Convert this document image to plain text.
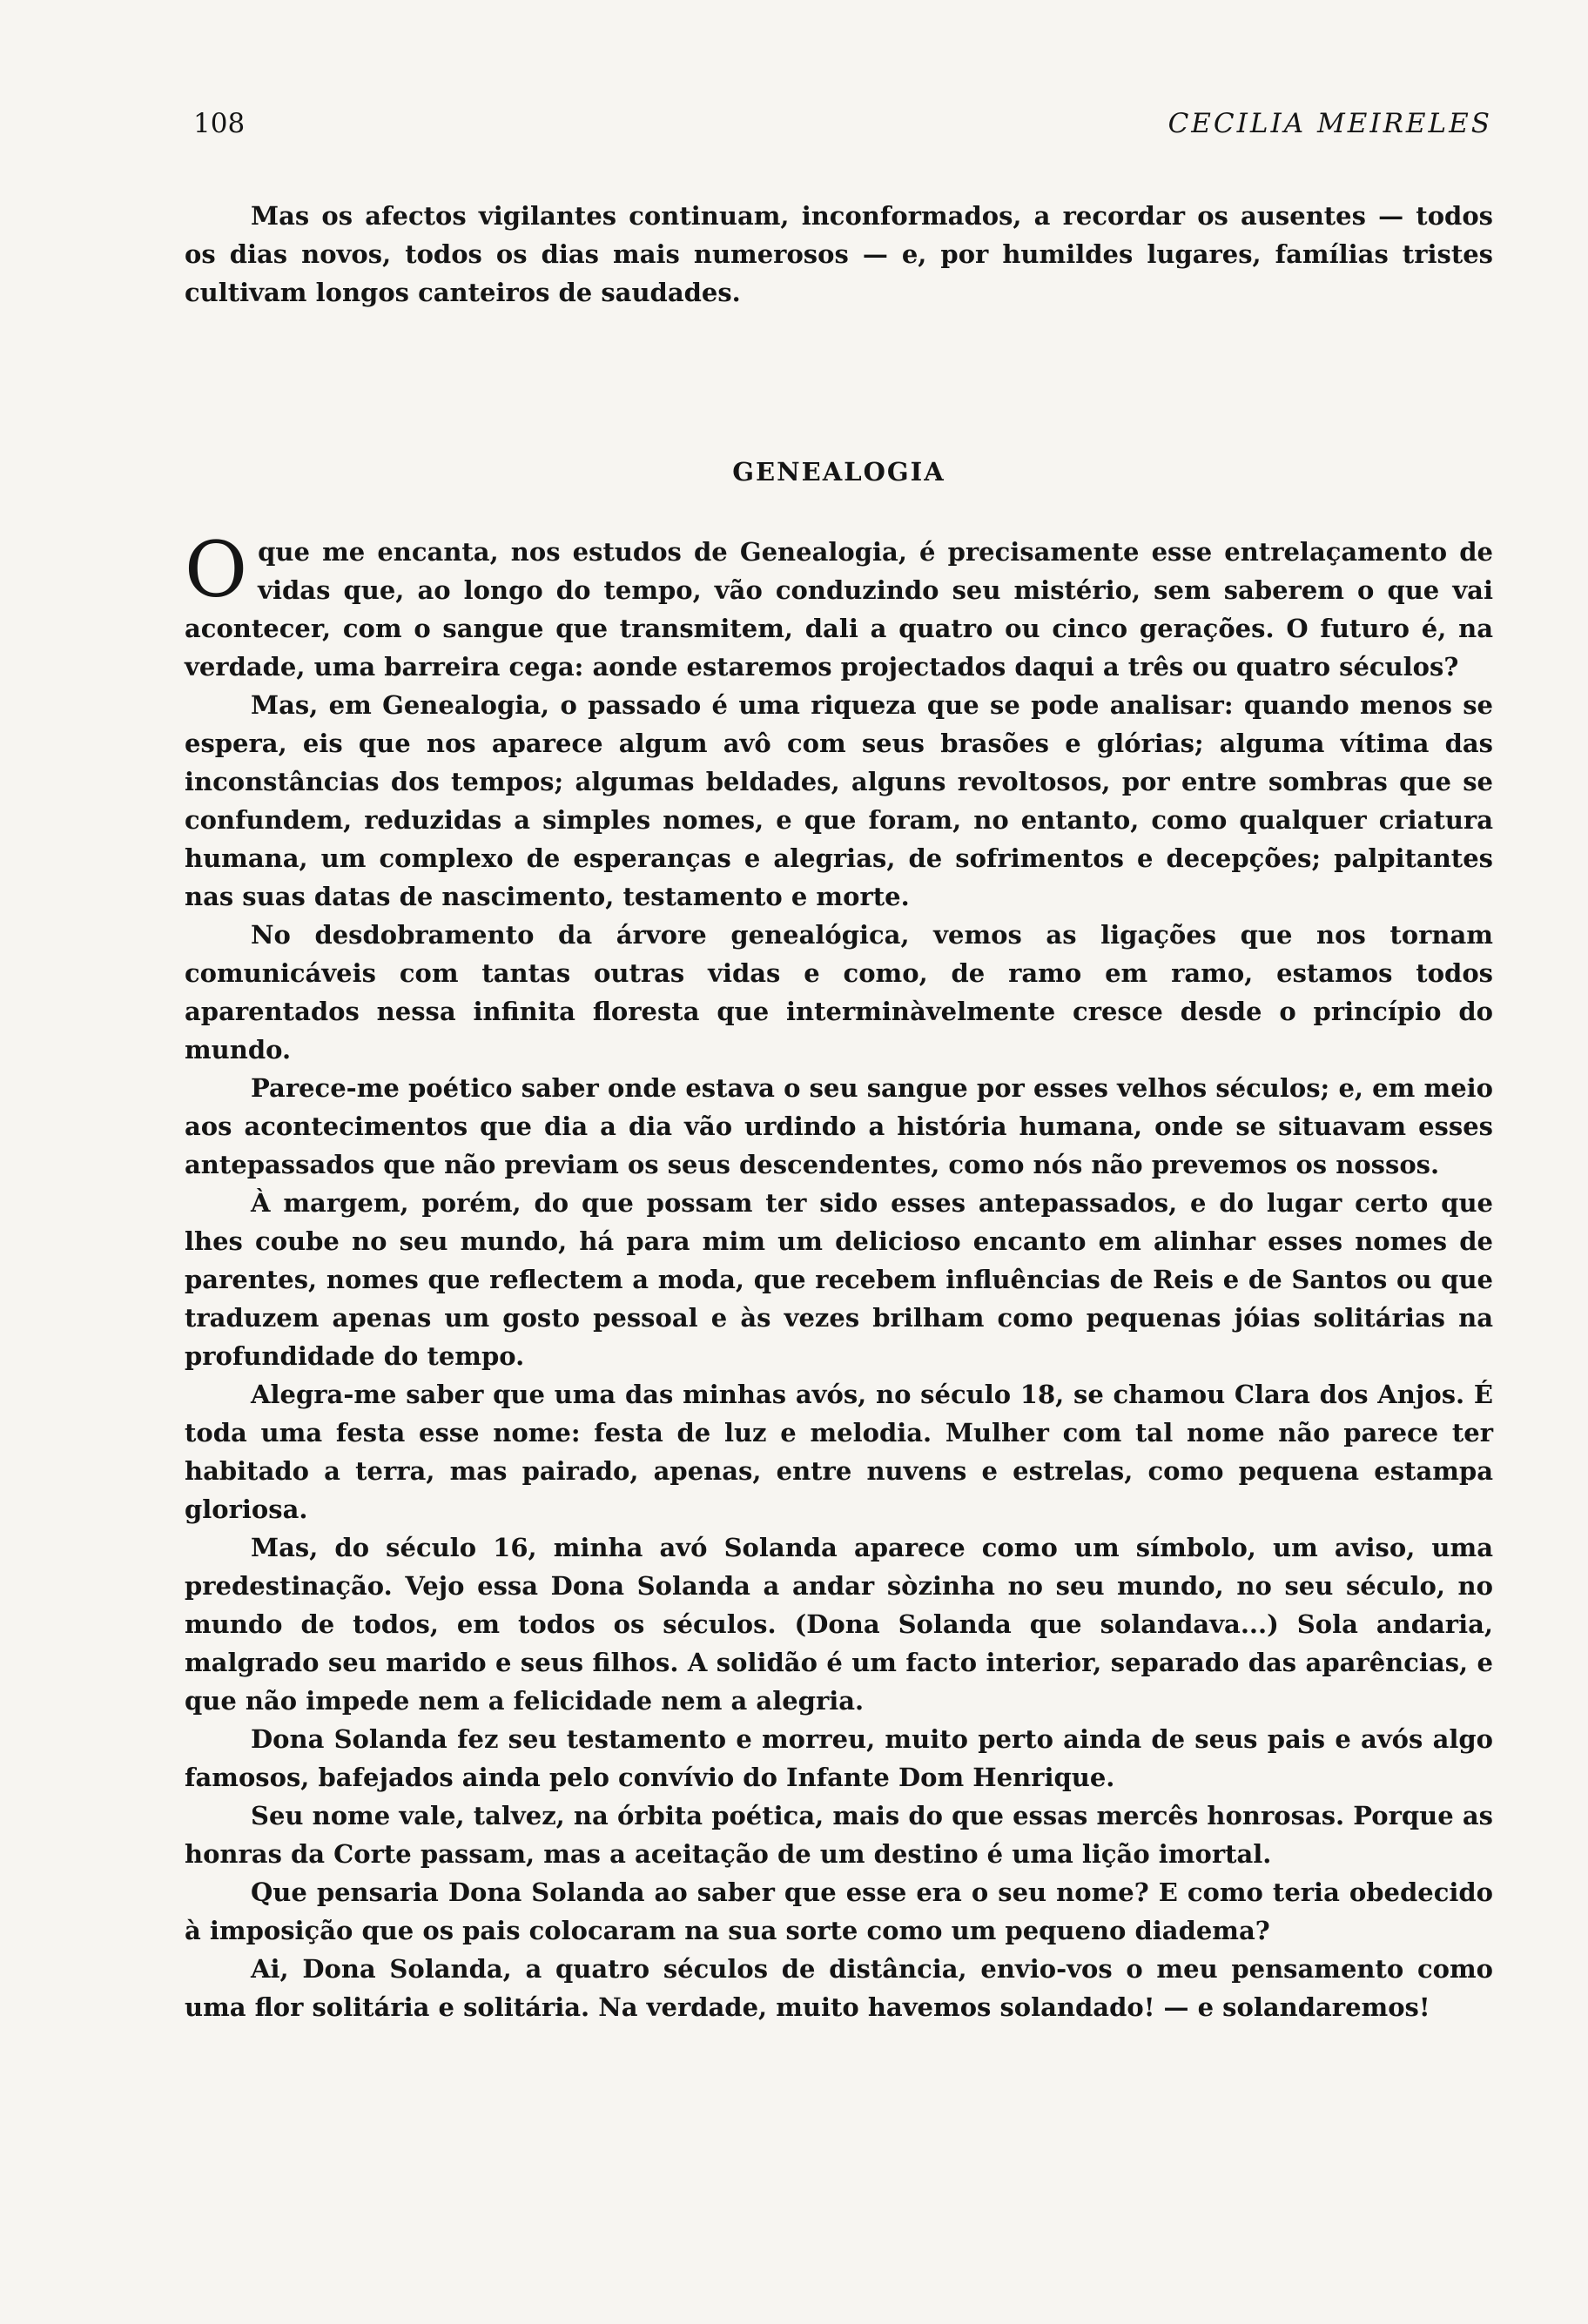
108	CECILIA MEIRELES

Mas os afectos vigilantes continuam, inconformados, a recordar os ausentes — todos os dias novos, todos os dias mais numerosos — e, por humildes lugares, famílias tristes cultivam longos canteiros de saudades.

GENEALOGIA

O que me encanta, nos estudos de Genealogia, é precisamente esse entrelaçamento de vidas que, ao longo do tempo, vão conduzindo seu mistério, sem saberem o que vai acontecer, com o sangue que transmitem, dali a quatro ou cinco gerações. O futuro é, na verdade, uma barreira cega: aonde estaremos projectados daqui a três ou quatro séculos?

Mas, em Genealogia, o passado é uma riqueza que se pode analisar: quando menos se espera, eis que nos aparece algum avô com seus brasões e glórias; alguma vítima das inconstâncias dos tempos; algumas beldades, alguns revoltosos, por entre sombras que se confundem, reduzidas a simples nomes, e que foram, no entanto, como qualquer criatura humana, um complexo de esperanças e alegrias, de sofrimentos e decepções; palpitantes nas suas datas de nascimento, testamento e morte.

No desdobramento da árvore genealógica, vemos as ligações que nos tornam comunicáveis com tantas outras vidas e como, de ramo em ramo, estamos todos aparentados nessa infinita floresta que interminàvelmente cresce desde o princípio do mundo.

Parece-me poético saber onde estava o seu sangue por esses velhos séculos; e, em meio aos acontecimentos que dia a dia vão urdindo a história humana, onde se situavam esses antepassados que não previam os seus descendentes, como nós não prevemos os nossos.

À margem, porém, do que possam ter sido esses antepassados, e do lugar certo que lhes coube no seu mundo, há para mim um delicioso encanto em alinhar esses nomes de parentes, nomes que reflectem a moda, que recebem influências de Reis e de Santos ou que traduzem apenas um gosto pessoal e às vezes brilham como pequenas jóias solitárias na profundidade do tempo.

Alegra-me saber que uma das minhas avós, no século 18, se chamou Clara dos Anjos. É toda uma festa esse nome: festa de luz e melodia. Mulher com tal nome não parece ter habitado a terra, mas pairado, apenas, entre nuvens e estrelas, como pequena estampa gloriosa.

Mas, do século 16, minha avó Solanda aparece como um símbolo, um aviso, uma predestinação. Vejo essa Dona Solanda a andar sòzinha no seu mundo, no seu século, no mundo de todos, em todos os séculos. (Dona Solanda que solandava...) Sola andaria, malgrado seu marido e seus filhos. A solidão é um facto interior, separado das aparências, e que não impede nem a felicidade nem a alegria.

Dona Solanda fez seu testamento e morreu, muito perto ainda de seus pais e avós algo famosos, bafejados ainda pelo convívio do Infante Dom Henrique.

Seu nome vale, talvez, na órbita poética, mais do que essas mercês honrosas. Porque as honras da Corte passam, mas a aceitação de um destino é uma lição imortal.

Que pensaria Dona Solanda ao saber que esse era o seu nome? E como teria obedecido à imposição que os pais colocaram na sua sorte como um pequeno diadema?

Ai, Dona Solanda, a quatro séculos de distância, envio-vos o meu pensamento como uma flor solitária e solitária. Na verdade, muito havemos solandado! — e solandaremos!
